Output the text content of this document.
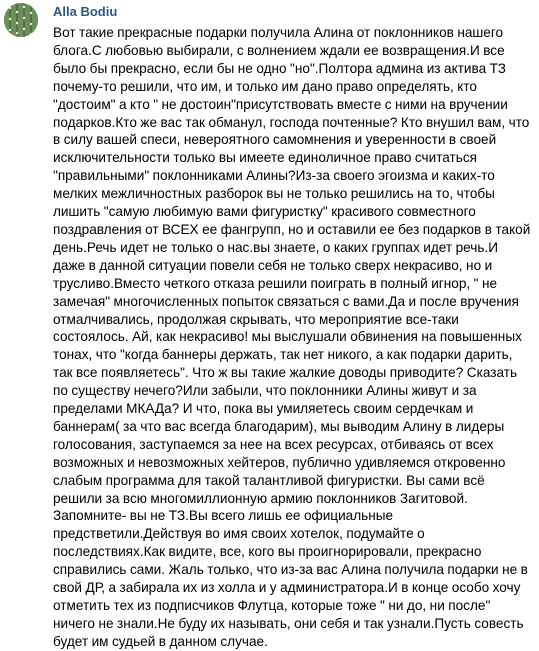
Alla Bodiu
Вот такие прекрасные подарки получила Алина от поклонников нашего
блога.С любовью выбирали, с волнением ждали ее возвращения.И все
было бы прекрасно, если бы не одно "но".Полтора админа из актива ТЗ
почему-то решили, что им, и только им дано право определять, кто
"достоим" а кто " не достоин"присутствовать вместе с ними на вручении
подарков.Кто же вас так обманул, господа почтенные? Кто внушил вам, что
в силу вашей спеси, невероятного самомнения и уверенности в своей
исключительности только вы имеете единоличное право считаться
"правильными" поклонниками Алины?Из-за своего эгоизма и каких-то
мелких межличностных разборок вы не только решились на то, чтобы
лишить "самую любимую вами фигуристку" красивого совместного
поздравления от ВСЕХ ее фангрупп, но и оставили ее без подарков в такой
день.Речь идет не только о нас.вы знаете, о каких группах идет речь.И
даже в данной ситуации повели себя не только сверх некрасиво, но и
трусливо.Вместо четкого отказа решили поиграть в полный игнор, " не
замечая" многочисленных попыток связаться с вами.Да и после вручения
отмалчивались, продолжая скрывать, что мероприятие все-таки
состоялось. Ай, как некрасиво! мы выслушали обвинения на повышенных
тонах, что "когда баннеры держать, так нет никого, а как подарки дарить,
так все появляетесь". Что ж вы такие жалкие доводы приводите? Сказать
по существу нечего?Или забыли, что поклонники Алины живут и за
пределами МКАДа? И что, пока вы умиляетесь своим сердечкам и
баннерам( за что вас всегда благодарим), мы выводим Алину в лидеры
голосования, заступаемся за нее на всех ресурсах, отбиваясь от всех
возможных и невозможных хейтеров, публично удивляемся откровенно
слабым программа для такой талантливой фигуристки. Вы сами всё
решили за всю многомиллионную армию поклонников Загитовой.
Запомните- вы не ТЗ.Вы всего лишь ее официальные
предстветили.Действуя во имя своих хотелок, подумайте о
последствиях.Как видите, все, кого вы проигнорировали, прекрасно
справились сами. Жаль только, что из-за вас Алина получила подарки не в
свой ДР, а забирала их из холла и у администратора.И в конце особо хочу
отметить тех из подписчиков Флутца, которые тоже " ни до, ни после"
ничего не знали.Не буду их называть, они себя и так узнали.Пусть совесть
будет им судьей в данном случае.
